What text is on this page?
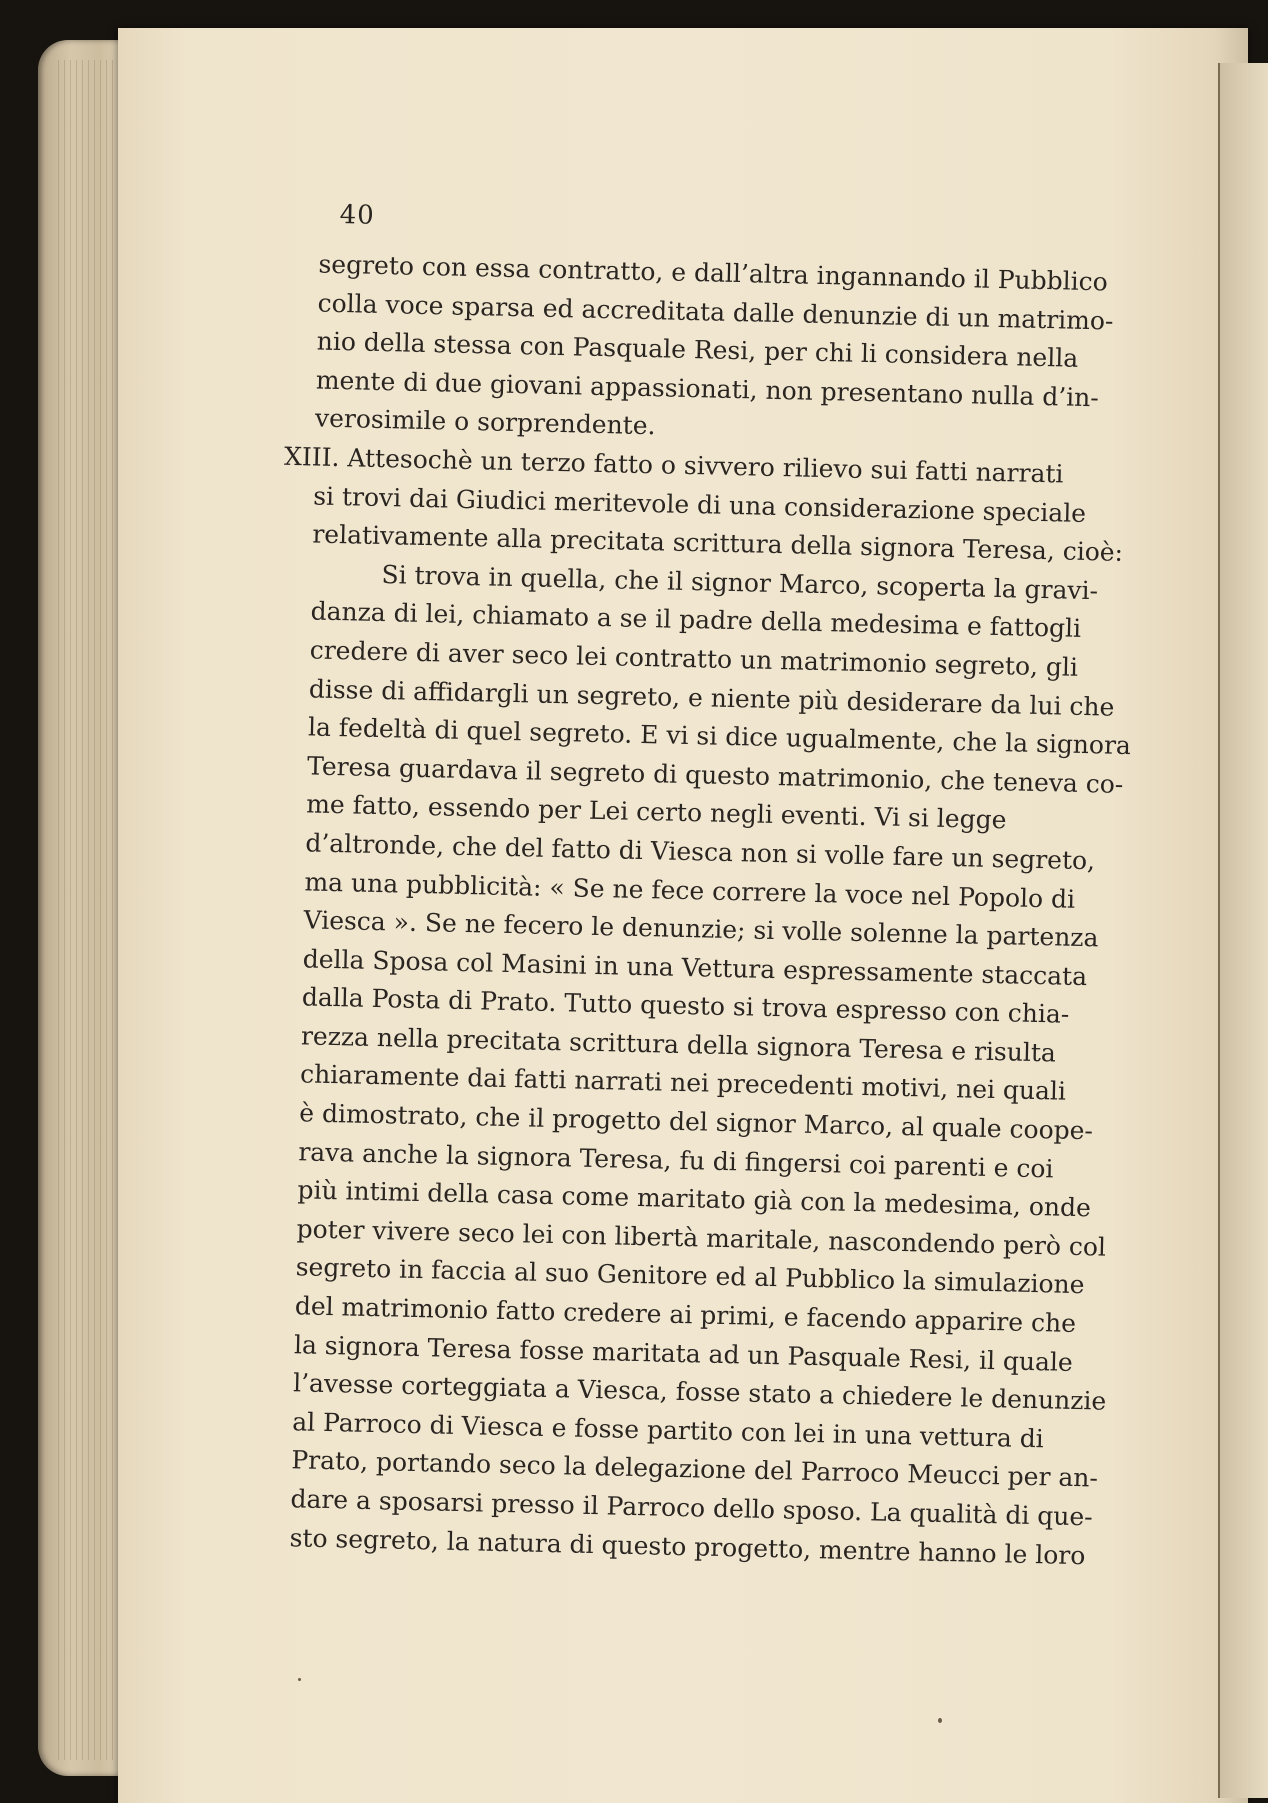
40
segreto con essa contratto, e dall’altra ingannando il Pubblico
colla voce sparsa ed accreditata dalle denunzie di un matrimo-
nio della stessa con Pasquale Resi, per chi li considera nella
mente di due giovani appassionati, non presentano nulla d’in-
verosimile o sorprendente.
XIII. Attesochè un terzo fatto o sivvero rilievo sui fatti narrati
si trovi dai Giudici meritevole di una considerazione speciale
relativamente alla precitata scrittura della signora Teresa, cioè:
Si trova in quella, che il signor Marco, scoperta la gravi-
danza di lei, chiamato a se il padre della medesima e fattogli
credere di aver seco lei contratto un matrimonio segreto, gli
disse di affidargli un segreto, e niente più desiderare da lui che
la fedeltà di quel segreto. E vi si dice ugualmente, che la signora
Teresa guardava il segreto di questo matrimonio, che teneva co-
me fatto, essendo per Lei certo negli eventi. Vi si legge
d’altronde, che del fatto di Viesca non si volle fare un segreto,
ma una pubblicità: « Se ne fece correre la voce nel Popolo di
Viesca ». Se ne fecero le denunzie; si volle solenne la partenza
della Sposa col Masini in una Vettura espressamente staccata
dalla Posta di Prato. Tutto questo si trova espresso con chia-
rezza nella precitata scrittura della signora Teresa e risulta
chiaramente dai fatti narrati nei precedenti motivi, nei quali
è dimostrato, che il progetto del signor Marco, al quale coope-
rava anche la signora Teresa, fu di fingersi coi parenti e coi
più intimi della casa come maritato già con la medesima, onde
poter vivere seco lei con libertà maritale, nascondendo però col
segreto in faccia al suo Genitore ed al Pubblico la simulazione
del matrimonio fatto credere ai primi, e facendo apparire che
la signora Teresa fosse maritata ad un Pasquale Resi, il quale
l’avesse corteggiata a Viesca, fosse stato a chiedere le denunzie
al Parroco di Viesca e fosse partito con lei in una vettura di
Prato, portando seco la delegazione del Parroco Meucci per an-
dare a sposarsi presso il Parroco dello sposo. La qualità di que-
sto segreto, la natura di questo progetto, mentre hanno le loro
